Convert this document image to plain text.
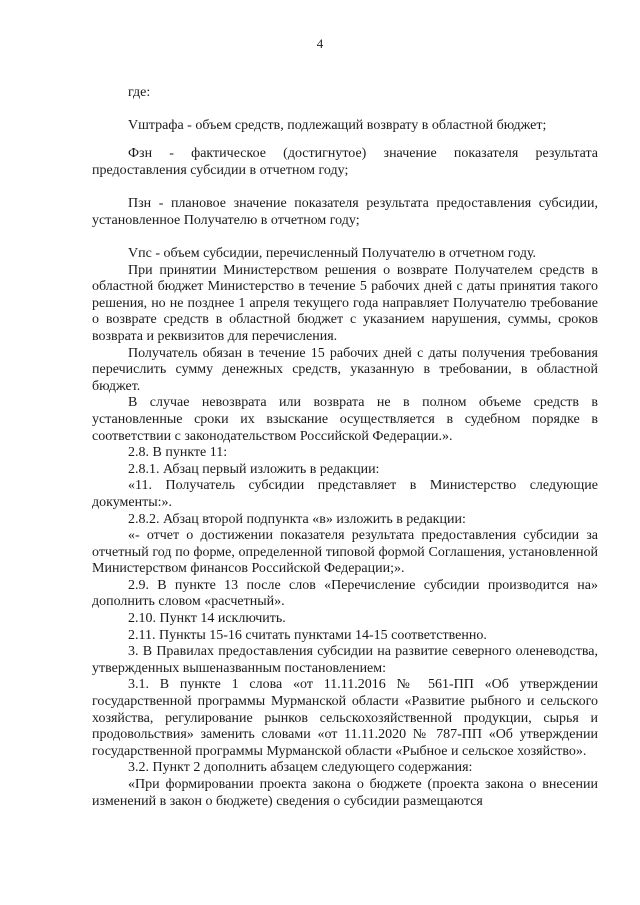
4

где:

Vштрафа - объем средств, подлежащий возврату в областной бюджет;

Фзн - фактическое (достигнутое) значение показателя результата предоставления субсидии в отчетном году;

Пзн - плановое значение показателя результата предоставления субсидии, установленное Получателю в отчетном году;

Vпс - объем субсидии, перечисленный Получателю в отчетном году.

При принятии Министерством решения о возврате Получателем средств в областной бюджет Министерство в течение 5 рабочих дней с даты принятия такого решения, но не позднее 1 апреля текущего года направляет Получателю требование о возврате средств в областной бюджет с указанием нарушения, суммы, сроков возврата и реквизитов для перечисления.

Получатель обязан в течение 15 рабочих дней с даты получения требования перечислить сумму денежных средств, указанную в требовании, в областной бюджет.

В случае невозврата или возврата не в полном объеме средств в установленные сроки их взыскание осуществляется в судебном порядке в соответствии с законодательством Российской Федерации.».

2.8. В пункте 11:

2.8.1. Абзац первый изложить в редакции:

«11. Получатель субсидии представляет в Министерство следующие документы:».

2.8.2. Абзац второй подпункта «в» изложить в редакции:

«- отчет о достижении показателя результата предоставления субсидии за отчетный год по форме, определенной типовой формой Соглашения, установленной Министерством финансов Российской Федерации;».

2.9. В пункте 13 после слов «Перечисление субсидии производится на» дополнить словом «расчетный».

2.10. Пункт 14 исключить.

2.11. Пункты 15-16 считать пунктами 14-15 соответственно.

3. В Правилах предоставления субсидии на развитие северного оленеводства, утвержденных вышеназванным постановлением:

3.1. В пункте 1 слова «от 11.11.2016 № 561-ПП «Об утверждении государственной программы Мурманской области «Развитие рыбного и сельского хозяйства, регулирование рынков сельскохозяйственной продукции, сырья и продовольствия» заменить словами «от 11.11.2020 № 787-ПП «Об утверждении государственной программы Мурманской области «Рыбное и сельское хозяйство».

3.2. Пункт 2 дополнить абзацем следующего содержания:

«При формировании проекта закона о бюджете (проекта закона о внесении изменений в закон о бюджете) сведения о субсидии размещаются
